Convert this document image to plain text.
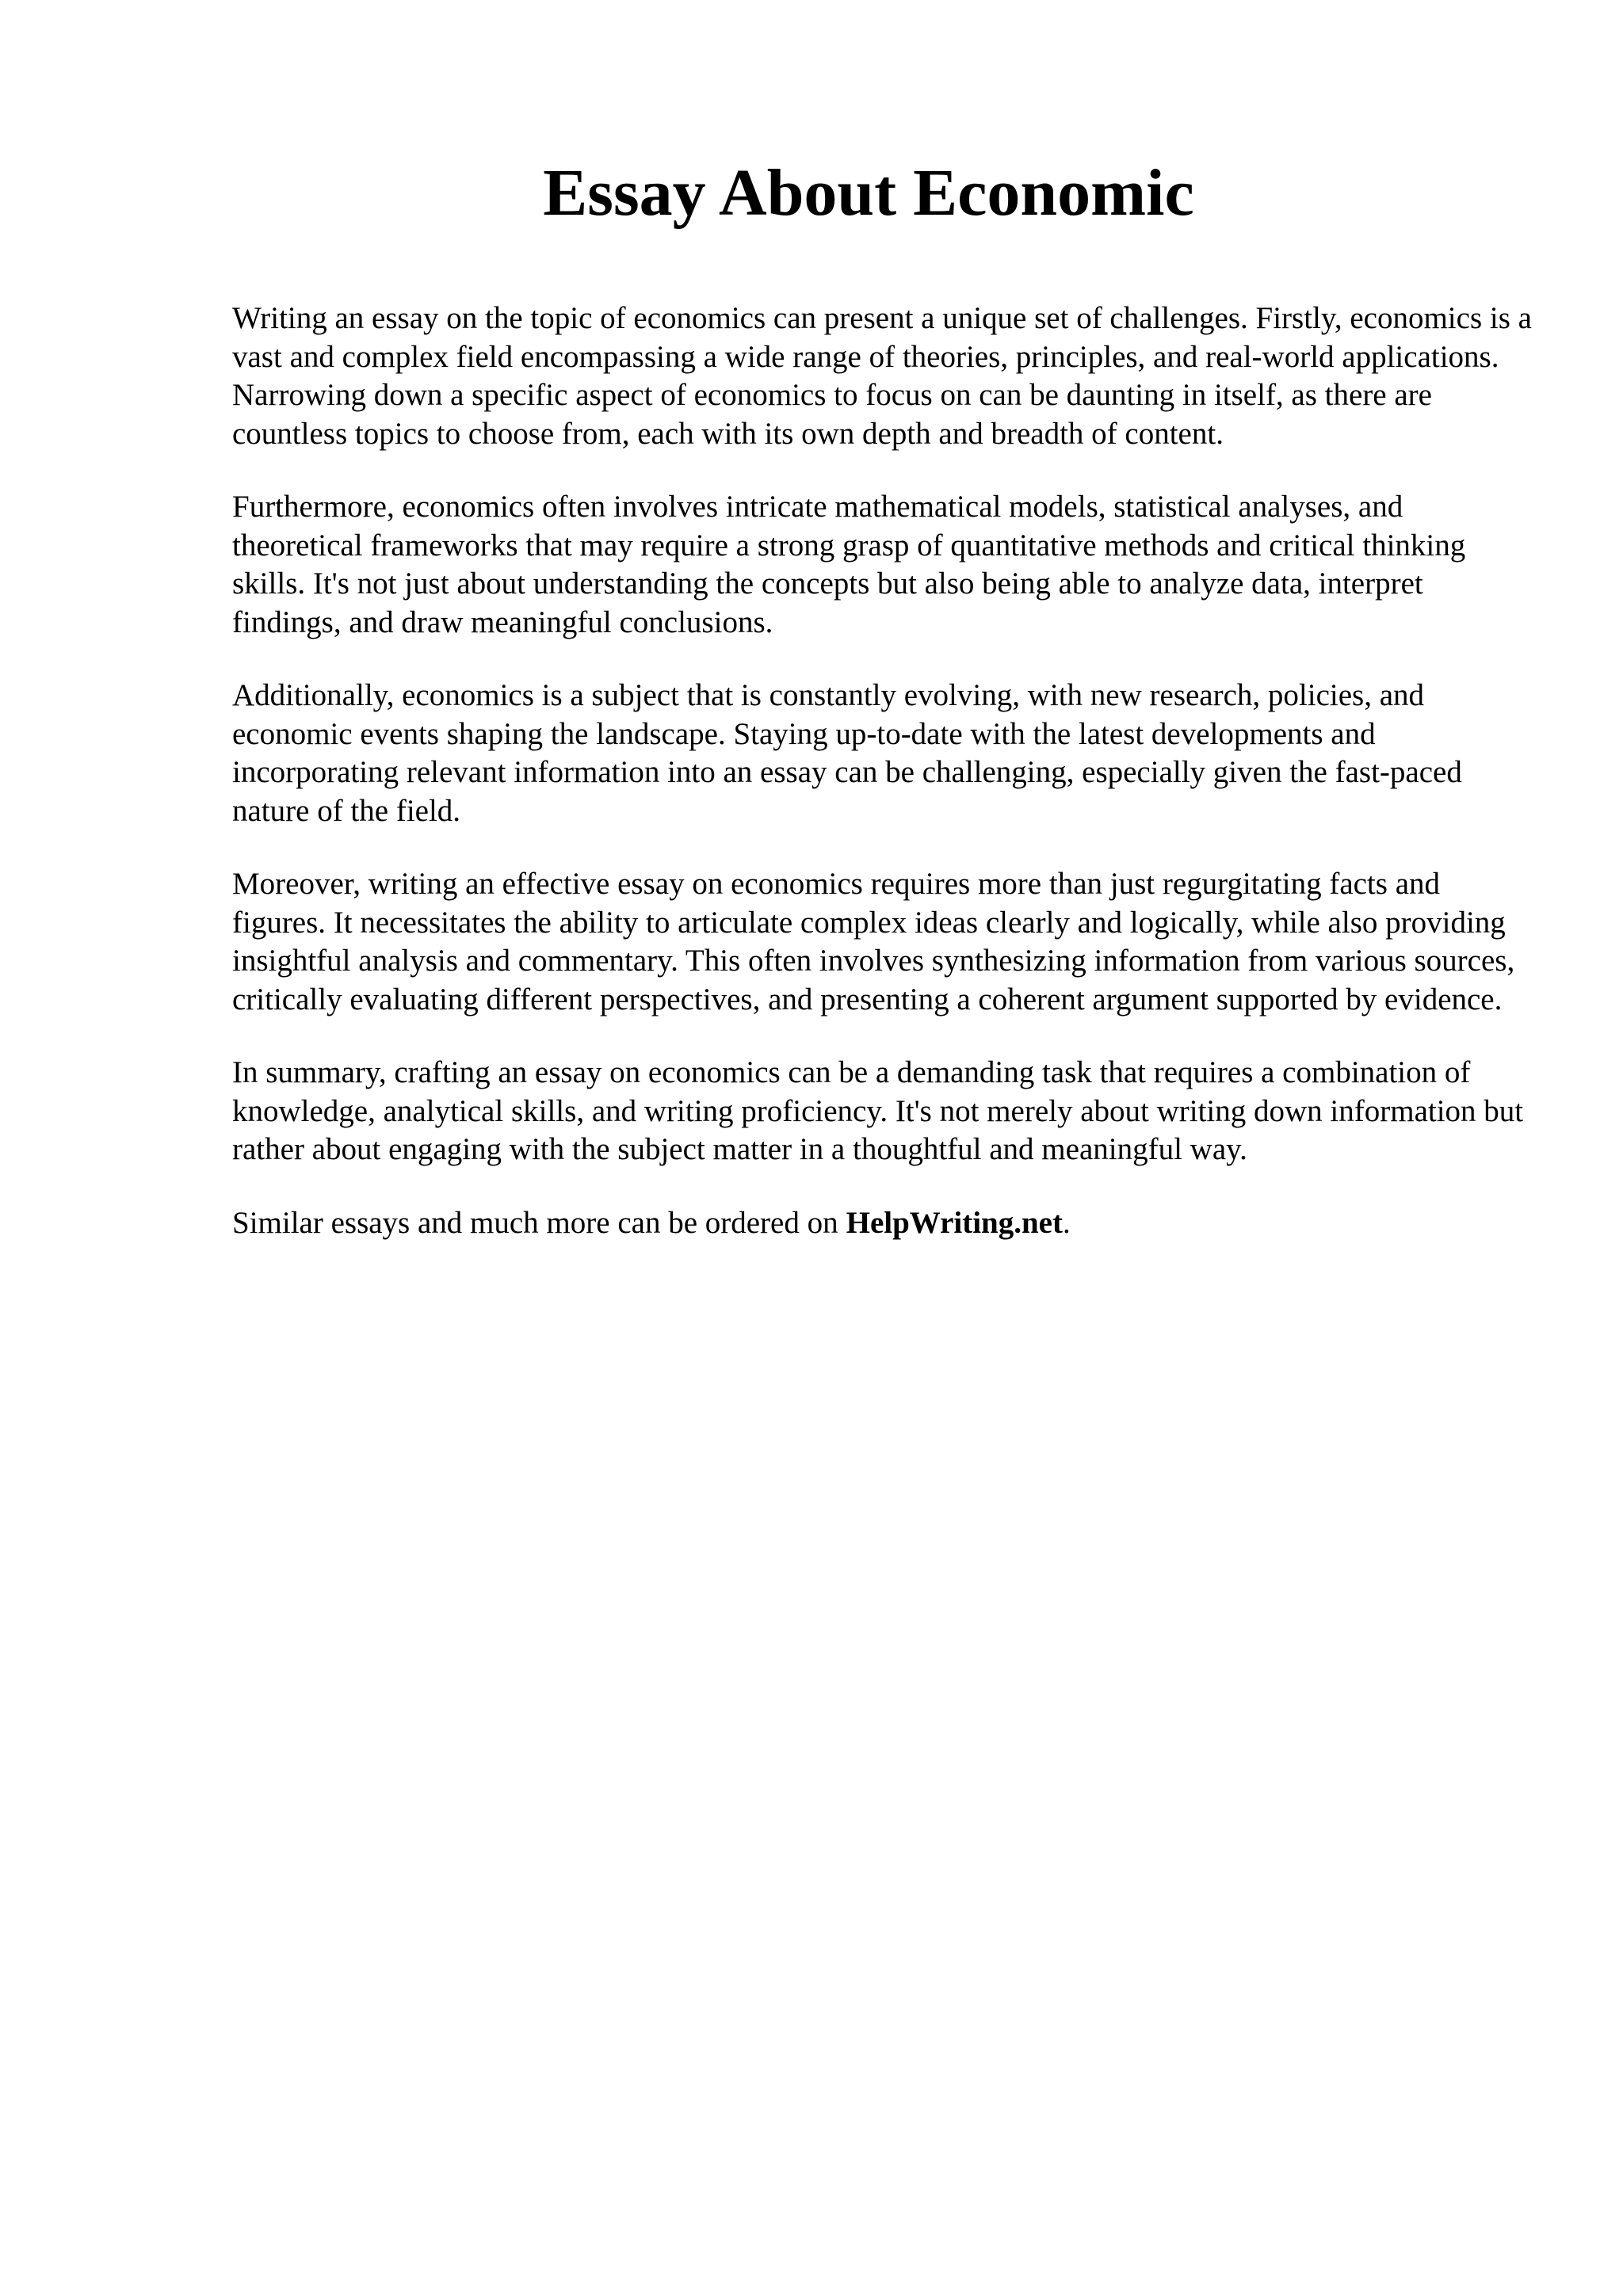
Essay About Economic

Writing an essay on the topic of economics can present a unique set of challenges. Firstly, economics is a vast and complex field encompassing a wide range of theories, principles, and real-world applications. Narrowing down a specific aspect of economics to focus on can be daunting in itself, as there are countless topics to choose from, each with its own depth and breadth of content.

Furthermore, economics often involves intricate mathematical models, statistical analyses, and theoretical frameworks that may require a strong grasp of quantitative methods and critical thinking skills. It's not just about understanding the concepts but also being able to analyze data, interpret findings, and draw meaningful conclusions.

Additionally, economics is a subject that is constantly evolving, with new research, policies, and economic events shaping the landscape. Staying up-to-date with the latest developments and incorporating relevant information into an essay can be challenging, especially given the fast-paced nature of the field.

Moreover, writing an effective essay on economics requires more than just regurgitating facts and figures. It necessitates the ability to articulate complex ideas clearly and logically, while also providing insightful analysis and commentary. This often involves synthesizing information from various sources, critically evaluating different perspectives, and presenting a coherent argument supported by evidence.

In summary, crafting an essay on economics can be a demanding task that requires a combination of knowledge, analytical skills, and writing proficiency. It's not merely about writing down information but rather about engaging with the subject matter in a thoughtful and meaningful way.

Similar essays and much more can be ordered on HelpWriting.net.
